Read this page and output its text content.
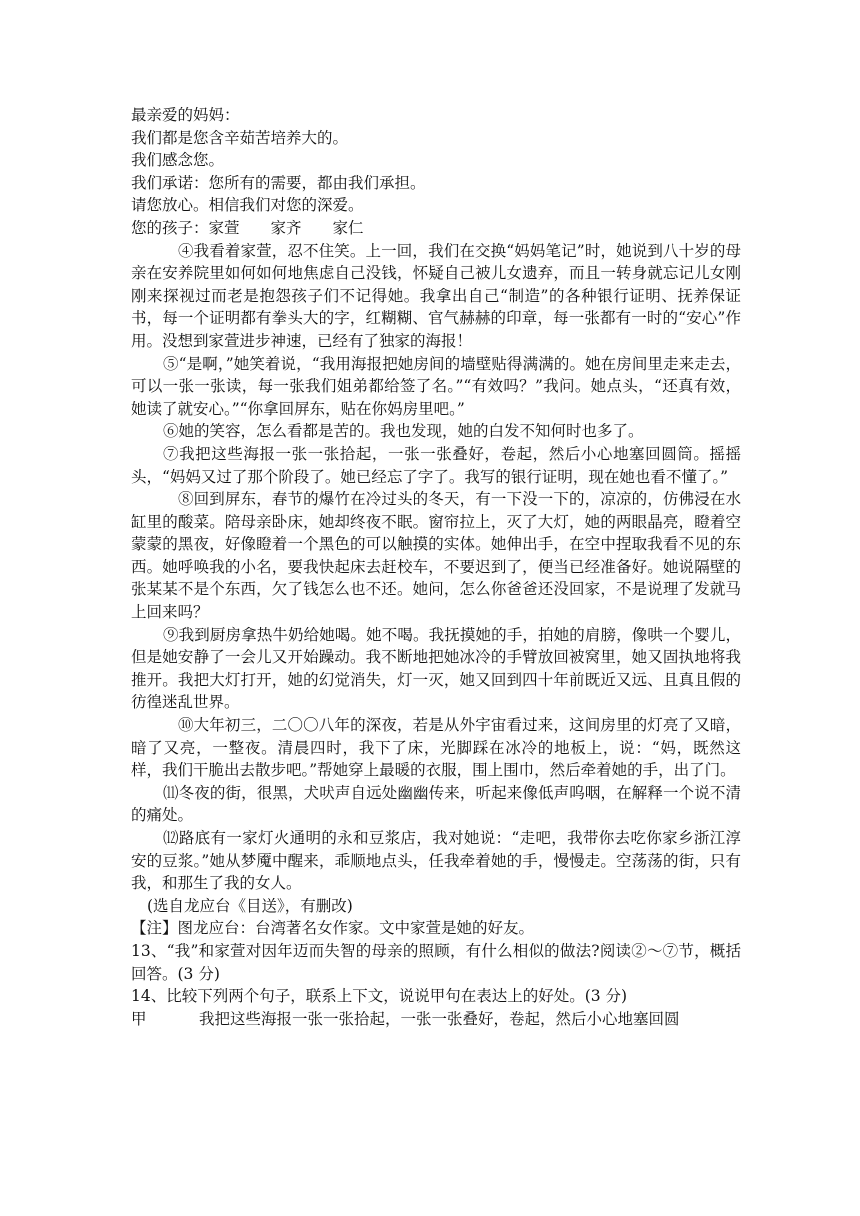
最亲爱的妈妈：
我们都是您含辛茹苦培养大的。
我们感念您。
我们承诺：您所有的需要，都由我们承担。
请您放心。相信我们对您的深爱。
您的孩子：家萱　　家齐　　家仁
④我看着家萱，忍不住笑。上一回，我们在交换“妈妈笔记”时，她说到八十岁的母亲在安养院里如何如何地焦虑自己没钱，怀疑自己被儿女遗弃，而且一转身就忘记儿女刚刚来探视过而老是抱怨孩子们不记得她。我拿出自己“制造”的各种银行证明、抚养保证书，每一个证明都有拳头大的字，红糊糊、官气赫赫的印章，每一张都有一时的“安心”作用。没想到家萱进步神速，已经有了独家的海报！
⑤“是啊，”她笑着说，“我用海报把她房间的墙壁贴得满满的。她在房间里走来走去，可以一张一张读，每一张我们姐弟都给签了名。”“有效吗？”我问。她点头，“还真有效，她读了就安心。”“你拿回屏东，贴在你妈房里吧。”
⑥她的笑容，怎么看都是苦的。我也发现，她的白发不知何时也多了。
⑦我把这些海报一张一张拾起，一张一张叠好，卷起，然后小心地塞回圆筒。摇摇头，“妈妈又过了那个阶段了。她已经忘了字了。我写的银行证明，现在她也看不懂了。”
⑧回到屏东，春节的爆竹在冷过头的冬天，有一下没一下的，凉凉的，仿佛浸在水缸里的酸菜。陪母亲卧床，她却终夜不眠。窗帘拉上，灭了大灯，她的两眼晶亮，瞪着空蒙蒙的黑夜，好像瞪着一个黑色的可以触摸的实体。她伸出手，在空中捏取我看不见的东西。她呼唤我的小名，要我快起床去赶校车，不要迟到了，便当已经准备好。她说隔壁的张某某不是个东西，欠了钱怎么也不还。她问，怎么你爸爸还没回家，不是说理了发就马上回来吗？
⑨我到厨房拿热牛奶给她喝。她不喝。我抚摸她的手，拍她的肩膀，像哄一个婴儿，但是她安静了一会儿又开始躁动。我不断地把她冰冷的手臂放回被窝里，她又固执地将我推开。我把大灯打开，她的幻觉消失，灯一灭，她又回到四十年前既近又远、且真且假的彷徨迷乱世界。
⑩大年初三，二〇〇八年的深夜，若是从外宇宙看过来，这间房里的灯亮了又暗，暗了又亮，一整夜。清晨四时，我下了床，光脚踩在冰冷的地板上，说：“妈，既然这样，我们干脆出去散步吧。”帮她穿上最暖的衣服，围上围巾，然后牵着她的手，出了门。
⑾冬夜的街，很黑，犬吠声自远处幽幽传来，听起来像低声呜咽，在解释一个说不清的痛处。
⑿路底有一家灯火通明的永和豆浆店，我对她说：“走吧，我带你去吃你家乡浙江淳安的豆浆。”她从梦魇中醒来，乖顺地点头，任我牵着她的手，慢慢走。空荡荡的街，只有我，和那生了我的女人。
(选自龙应台《目送》，有删改)
【注】图龙应台：台湾著名女作家。文中家萱是她的好友。
13、“我”和家萱对因年迈而失智的母亲的照顾，有什么相似的做法?阅读②～⑦节，概括回答。(3 分)
14、比较下列两个句子，联系上下文，说说甲句在表达上的好处。(3 分)
甲	我把这些海报一张一张拾起，一张一张叠好，卷起，然后小心地塞回圆
